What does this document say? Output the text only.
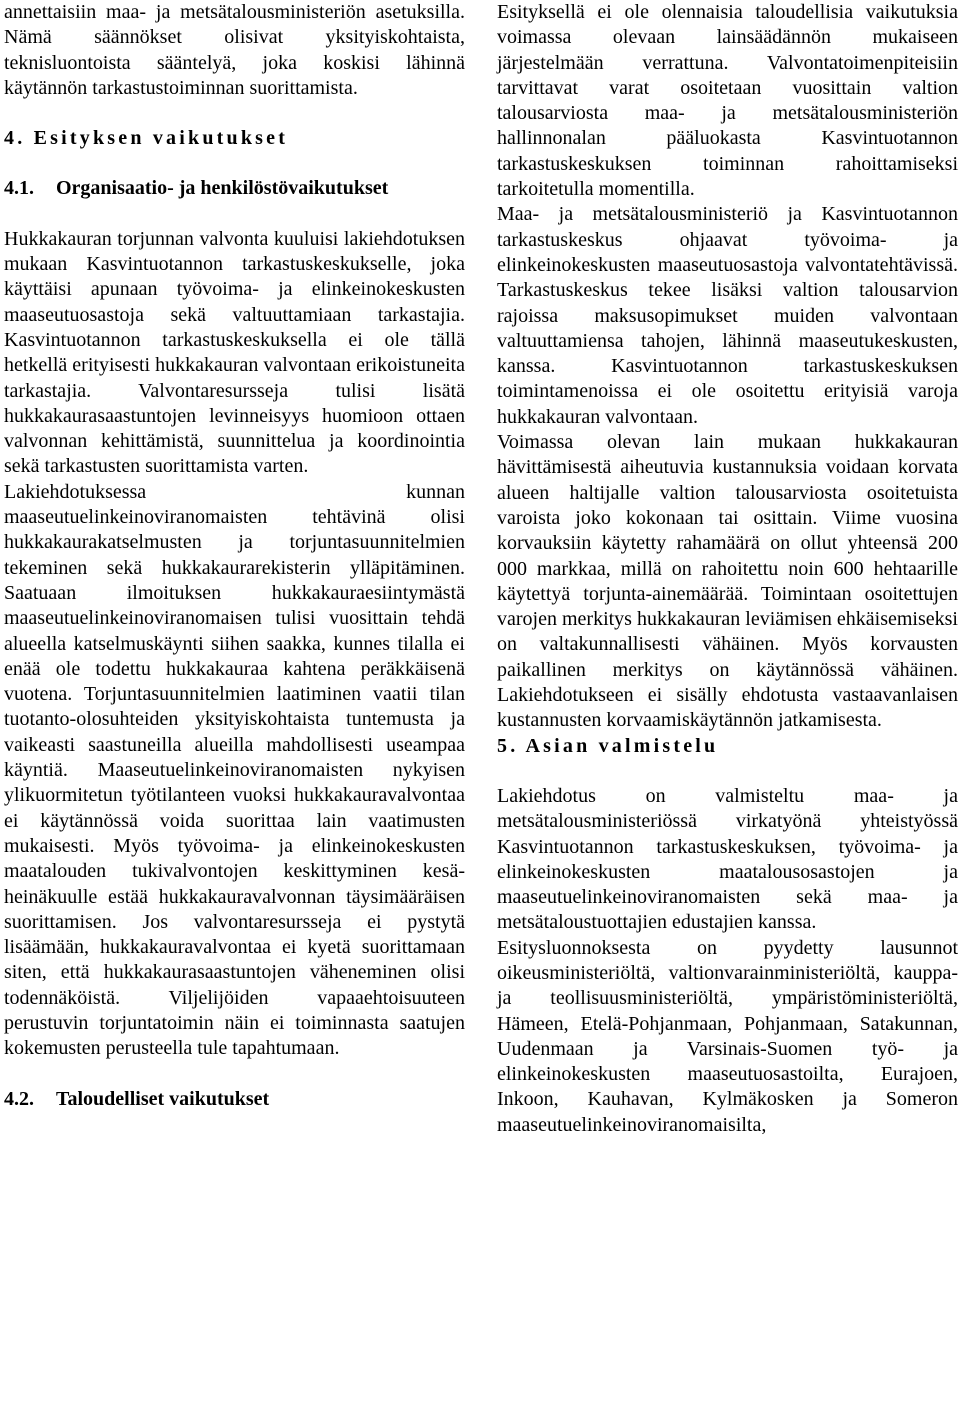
annettaisiin maa- ja metsätalousministeriön asetuksilla. Nämä säännökset olisivat yksityiskohtaista, teknisluontoista sääntelyä, joka koskisi lähinnä käytännön tarkastustoiminnan suorittamista.

4. Esityksen vaikutukset
4.1. Organisaatio- ja henkilöstövaikutukset

Hukkakauran torjunnan valvonta kuuluisi lakiehdotuksen mukaan Kasvintuotannon tarkastuskeskukselle, joka käyttäisi apunaan työvoima- ja elinkeinokeskusten maaseutuosastoja sekä valtuuttamiaan tarkastajia. Kasvintuotannon tarkastuskeskuksella ei ole tällä hetkellä erityisesti hukkakauran valvontaan erikoistuneita tarkastajia. Valvontaresursseja tulisi lisätä hukkakaurasaastuntojen levinneisyys huomioon ottaen valvonnan kehittämistä, suunnittelua ja koordinointia sekä tarkastusten suorittamista varten.

Lakiehdotuksessa kunnan maaseutuelinkeinoviranomaisten tehtävinä olisi hukkakaurakatselmusten ja torjuntasuunnitelmien tekeminen sekä hukkakaurarekisterin ylläpitäminen. Saatuaan ilmoituksen hukkakauraesiintymästä maaseutuelinkeinoviranomaisen tulisi vuosittain tehdä alueella katselmuskäynti siihen saakka, kunnes tilalla ei enää ole todettu hukkakauraa kahtena peräkkäisenä vuotena. Torjuntasuunnitelmien laatiminen vaatii tilan tuotanto-olosuhteiden yksityiskohtaista tuntemusta ja vaikeasti saastuneilla alueilla mahdollisesti useampaa käyntiä. Maaseutuelinkeinoviranomaisten nykyisen ylikuormitetun työtilanteen vuoksi hukkakauravalvontaa ei käytännössä voida suorittaa lain vaatimusten mukaisesti. Myös työvoima- ja elinkeinokeskusten maatalouden tukivalvontojen keskittyminen kesä-heinäkuulle estää hukkakauravalvonnan täysimääräisen suorittamisen. Jos valvontaresursseja ei pystytä lisäämään, hukkakauravalvontaa ei kyetä suorittamaan siten, että hukkakaurasaastuntojen väheneminen olisi todennäköistä. Viljelijöiden vapaaehtoisuuteen perustuvin torjuntatoimin näin ei toiminnasta saatujen kokemusten perusteella tule tapahtumaan.

4.2. Taloudelliset vaikutukset

Esityksellä ei ole olennaisia taloudellisia vaikutuksia voimassa olevaan lainsäädännön mukaiseen järjestelmään verrattuna. Valvontatoimenpiteisiin tarvittavat varat osoitetaan vuosittain valtion talousarviosta maa- ja metsätalousministeriön hallinnonalan pääluokasta Kasvintuotannon tarkastuskeskuksen toiminnan rahoittamiseksi tarkoitetulla momentilla.

Maa- ja metsätalousministeriö ja Kasvintuotannon tarkastuskeskus ohjaavat työvoima- ja elinkeinokeskusten maaseutuosastoja valvontatehtävissä. Tarkastuskeskus tekee lisäksi valtion talousarvion rajoissa maksusopimukset muiden valvontaan valtuuttamiensa tahojen, lähinnä maaseutukeskusten, kanssa. Kasvintuotannon tarkastuskeskuksen toimintamenoissa ei ole osoitettu erityisiä varoja hukkakauran valvontaan.

Voimassa olevan lain mukaan hukkakauran hävittämisestä aiheutuvia kustannuksia voidaan korvata alueen haltijalle valtion talousarviosta osoitetuista varoista joko kokonaan tai osittain. Viime vuosina korvauksiin käytetty rahamäärä on ollut yhteensä 200 000 markkaa, millä on rahoitettu noin 600 hehtaarille käytettyä torjunta-ainemäärää. Toimintaan osoitettujen varojen merkitys hukkakauran leviämisen ehkäisemiseksi on valtakunnallisesti vähäinen. Myös korvausten paikallinen merkitys on käytännössä vähäinen. Lakiehdotukseen ei sisälly ehdotusta vastaavanlaisen kustannusten korvaamiskäytännön jatkamisesta.

5. Asian valmistelu

Lakiehdotus on valmisteltu maa- ja metsätalousministeriössä virkatyönä yhteistyössä Kasvintuotannon tarkastuskeskuksen, työvoima- ja elinkeinokeskusten maatalousosastojen ja maaseutuelinkeinoviranomaisten sekä maa- ja metsätaloustuottajien edustajien kanssa.

Esitysluonnoksesta on pyydetty lausunnot oikeusministeriöltä, valtionvarainministeriöltä, kauppa- ja teollisuusministeriöltä, ympäristöministeriöltä, Hämeen, Etelä-Pohjanmaan, Pohjanmaan, Satakunnan, Uudenmaan ja Varsinais-Suomen työ- ja elinkeinokeskusten maaseutuosastoilta, Eurajoen, Inkoon, Kauhavan, Kylmäkosken ja Someron maaseutuelinkeinoviranomaisilta,
